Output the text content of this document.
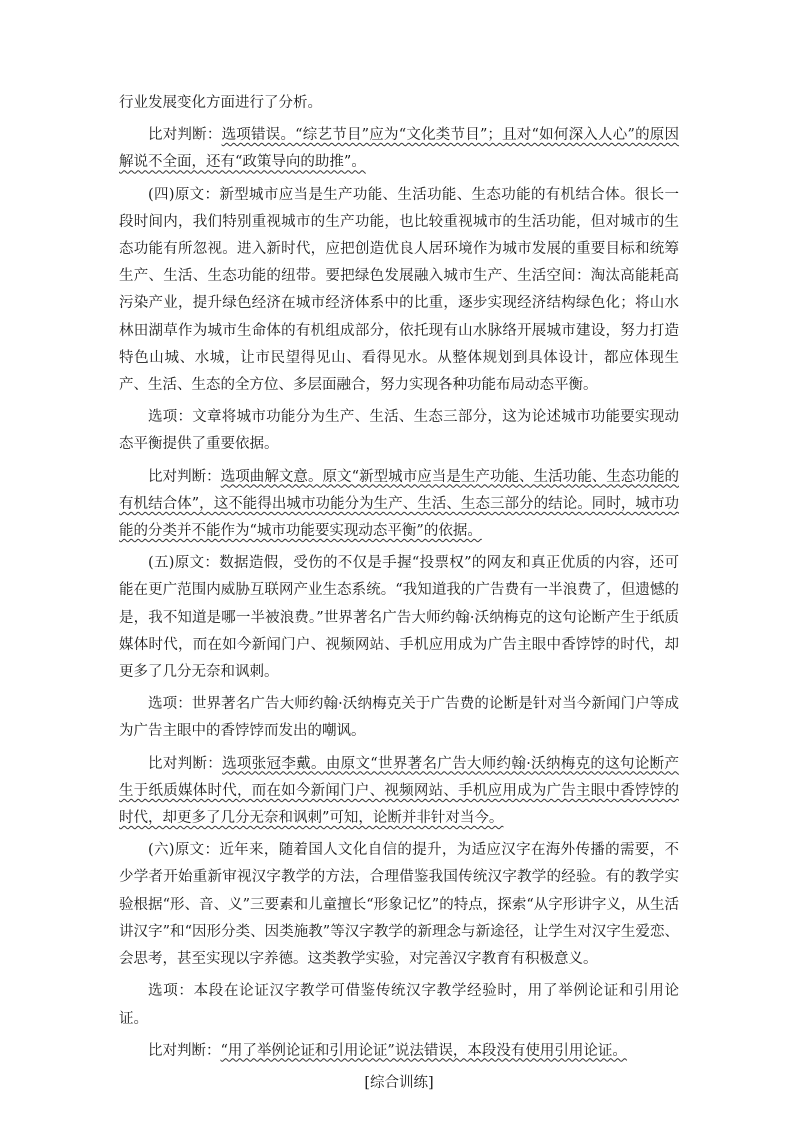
行业发展变化方面进行了分析。

比对判断：选项错误。“综艺节目”应为“文化类节目”；且对“如何深入人心”的原因解说不全面，还有“政策导向的助推”。

(四)原文：新型城市应当是生产功能、生活功能、生态功能的有机结合体。很长一段时间内，我们特别重视城市的生产功能，也比较重视城市的生活功能，但对城市的生态功能有所忽视。进入新时代，应把创造优良人居环境作为城市发展的重要目标和统筹生产、生活、生态功能的纽带。要把绿色发展融入城市生产、生活空间：淘汰高能耗高污染产业，提升绿色经济在城市经济体系中的比重，逐步实现经济结构绿色化；将山水林田湖草作为城市生命体的有机组成部分，依托现有山水脉络开展城市建设，努力打造特色山城、水城，让市民望得见山、看得见水。从整体规划到具体设计，都应体现生产、生活、生态的全方位、多层面融合，努力实现各种功能布局动态平衡。

选项：文章将城市功能分为生产、生活、生态三部分，这为论述城市功能要实现动态平衡提供了重要依据。

比对判断：选项曲解文意。原文“新型城市应当是生产功能、生活功能、生态功能的有机结合体”，这不能得出城市功能分为生产、生活、生态三部分的结论。同时，城市功能的分类并不能作为“城市功能要实现动态平衡”的依据。

(五)原文：数据造假，受伤的不仅是手握“投票权”的网友和真正优质的内容，还可能在更广范围内威胁互联网产业生态系统。“我知道我的广告费有一半浪费了，但遗憾的是，我不知道是哪一半被浪费。”世界著名广告大师约翰·沃纳梅克的这句论断产生于纸质媒体时代，而在如今新闻门户、视频网站、手机应用成为广告主眼中香饽饽的时代，却更多了几分无奈和讽刺。

选项：世界著名广告大师约翰·沃纳梅克关于广告费的论断是针对当今新闻门户等成为广告主眼中的香饽饽而发出的嘲讽。

比对判断：选项张冠李戴。由原文“世界著名广告大师约翰·沃纳梅克的这句论断产生于纸质媒体时代，而在如今新闻门户、视频网站、手机应用成为广告主眼中香饽饽的时代，却更多了几分无奈和讽刺”可知，论断并非针对当今。

(六)原文：近年来，随着国人文化自信的提升，为适应汉字在海外传播的需要，不少学者开始重新审视汉字教学的方法，合理借鉴我国传统汉字教学的经验。有的教学实验根据“形、音、义”三要素和儿童擅长“形象记忆”的特点，探索“从字形讲字义，从生活讲汉字”和“因形分类、因类施教”等汉字教学的新理念与新途径，让学生对汉字生爱恋、会思考，甚至实现以字养德。这类教学实验，对完善汉字教育有积极意义。

选项：本段在论证汉字教学可借鉴传统汉字教学经验时，用了举例论证和引用论证。

比对判断：“用了举例论证和引用论证”说法错误，本段没有使用引用论证。

[综合训练]
